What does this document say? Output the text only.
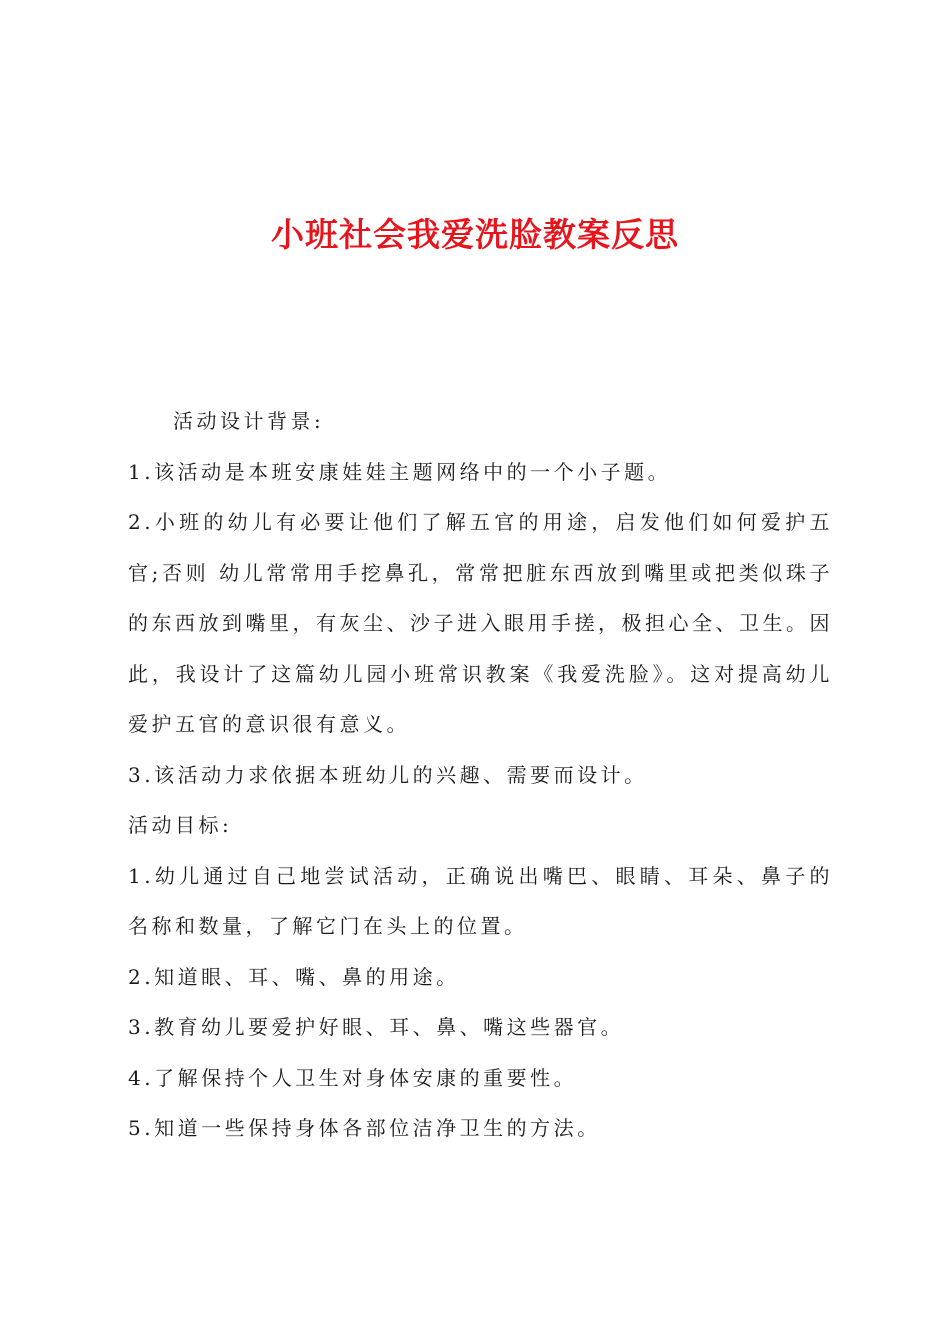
小班社会我爱洗脸教案反思

活动设计背景:

1.该活动是本班安康娃娃主题网络中的一个小子题。

2.小班的幼儿有必要让他们了解五官的用途，启发他们如何爱护五官;否则 幼儿常常用手挖鼻孔，常常把脏东西放到嘴里或把类似珠子的东西放到嘴里，有灰尘、沙子进入眼用手搓，极担心全、卫生。因此，我设计了这篇幼儿园小班常识教案《我爱洗脸》。这对提高幼儿爱护五官的意识很有意义。

3.该活动力求依据本班幼儿的兴趣、需要而设计。

活动目标:

1.幼儿通过自己地尝试活动，正确说出嘴巴、眼睛、耳朵、鼻子的名称和数量，了解它门在头上的位置。

2.知道眼、耳、嘴、鼻的用途。

3.教育幼儿要爱护好眼、耳、鼻、嘴这些器官。

4.了解保持个人卫生对身体安康的重要性。

5.知道一些保持身体各部位洁净卫生的方法。
